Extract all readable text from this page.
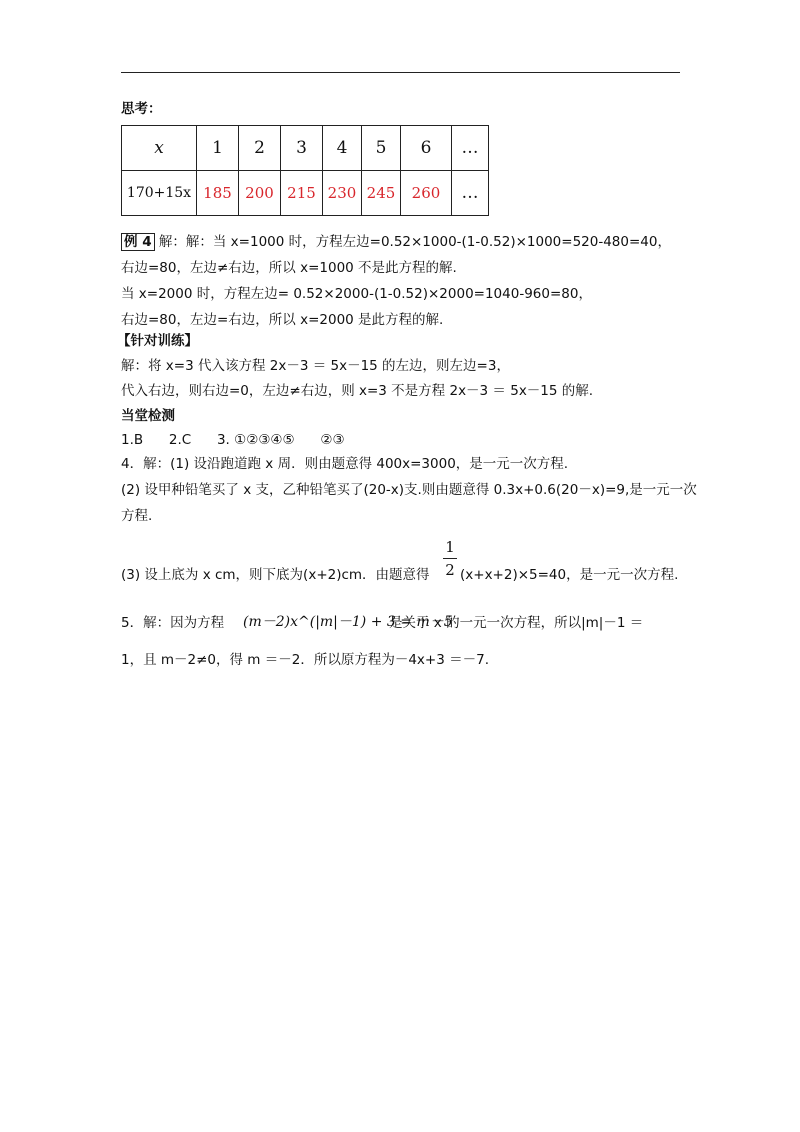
思考：
x	1	2	3	4	5	6	…
170+15x	185	200	215	230	245	260	…
例 4 解：解：当 x=1000 时，方程左边=0.52×1000-(1-0.52)×1000=520-480=40，
右边=80，左边≠右边，所以 x=1000 不是此方程的解.
当 x=2000 时，方程左边= 0.52×2000-(1-0.52)×2000=1040-960=80，
右边=80，左边=右边，所以 x=2000 是此方程的解.
【针对训练】
解：将 x=3 代入该方程 2x－3 ＝ 5x－15 的左边，则左边=3，
代入右边，则右边=0，左边≠右边，则 x=3 不是方程 2x－3 ＝ 5x－15 的解.
当堂检测
1.B      2.C      3. ①②③④⑤      ②③
4．解：(1) 设沿跑道跑 x 周．则由题意得 400x=3000，是一元一次方程.
(2) 设甲种铅笔买了 x 支，乙种铅笔买了(20-x)支.则由题意得 0.3x+0.6(20－x)=9,是一元一次
方程.
(3) 设上底为 x cm，则下底为(x+2)cm．由题意得
1
2 (x+x+2)×5=40，是一元一次方程.
5．解：因为方程 (m－2)x^(|m|－1) + 3 = m－5
是关于 x 的一元一次方程，所以|m|－1 ＝
1，且 m－2≠0，得 m ＝－2．所以原方程为－4x+3 ＝－7.
